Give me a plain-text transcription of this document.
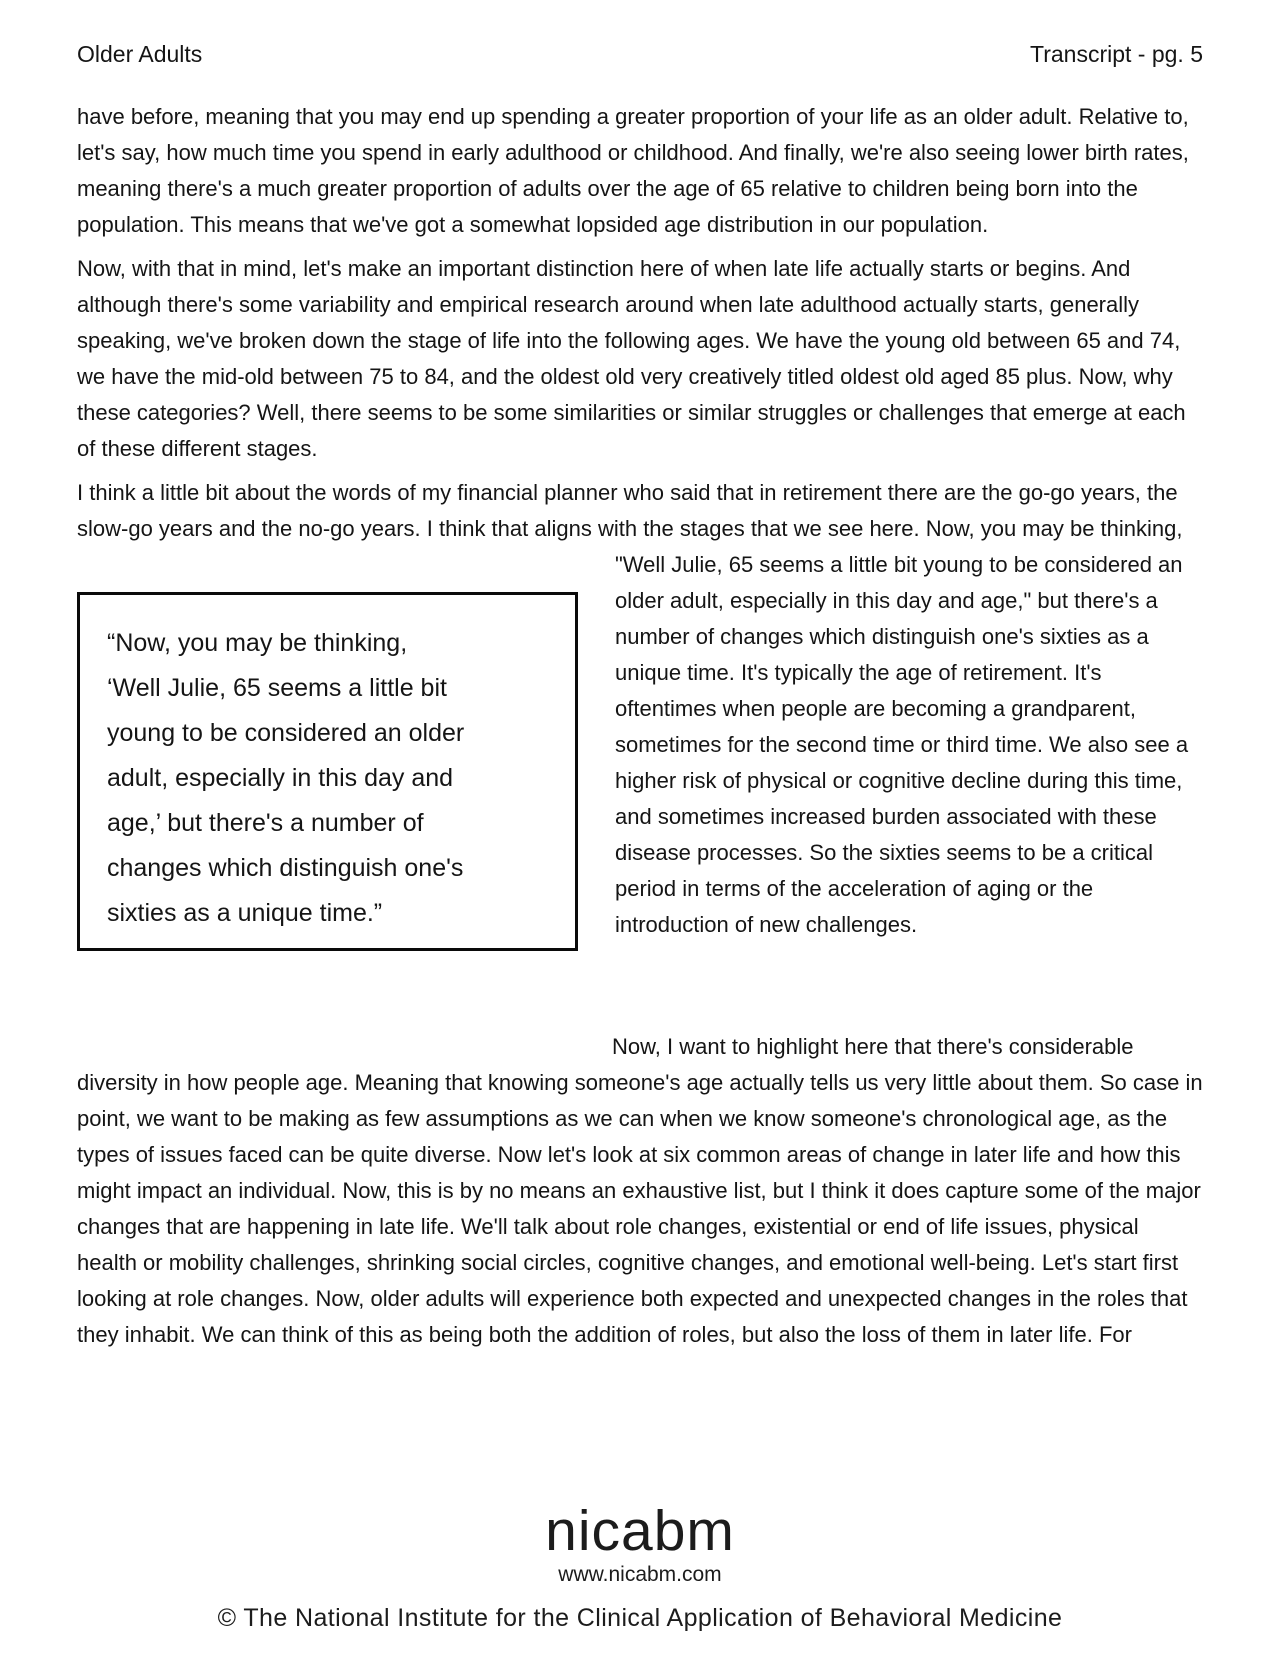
Older Adults	Transcript - pg. 5

have before, meaning that you may end up spending a greater proportion of your life as an older adult. Relative to, let's say, how much time you spend in early adulthood or childhood. And finally, we're also seeing lower birth rates, meaning there's a much greater proportion of adults over the age of 65 relative to children being born into the population. This means that we've got a somewhat lopsided age distribution in our population.

Now, with that in mind, let's make an important distinction here of when late life actually starts or begins. And although there's some variability and empirical research around when late adulthood actually starts, generally speaking, we've broken down the stage of life into the following ages. We have the young old between 65 and 74, we have the mid-old between 75 to 84, and the oldest old very creatively titled oldest old aged 85 plus. Now, why these categories? Well, there seems to be some similarities or similar struggles or challenges that emerge at each of these different stages.

I think a little bit about the words of my financial planner who said that in retirement there are the go-go years, the slow-go years and the no-go years. I think that aligns with the stages that we see here. Now, you may be thinking, "Well Julie, 65 seems a little bit young to be
“Now, you may be thinking,
‘Well Julie, 65 seems a little bit
young to be considered an older
adult, especially in this day and
age,’ but there's a number of
changes which distinguish one's
sixties as a unique time.”
considered an older adult, especially in this day and age," but there's a number of changes which distinguish one's sixties as a unique time. It's typically the age of retirement. It's oftentimes when people are becoming a grandparent, sometimes for the second time or third time. We also see a higher risk of physical or cognitive decline during this time, and sometimes increased burden associated with these disease processes. So the sixties seems to be a critical period in terms of the acceleration of aging or the introduction of new challenges.

Now, I want to highlight here that there's considerable diversity in how people age. Meaning that knowing someone's age actually tells us very little about them. So case in point, we want to be making as few assumptions as we can when we know someone's chronological age, as the types of issues faced can be quite diverse. Now let's look at six common areas of change in later life and how this might impact an individual. Now, this is by no means an exhaustive list, but I think it does capture some of the major changes that are happening in late life. We'll talk about role changes, existential or end of life issues, physical health or mobility challenges, shrinking social circles, cognitive changes, and emotional well-being. Let's start first looking at role changes. Now, older adults will experience both expected and unexpected changes in the roles that they inhabit. We can think of this as being both the addition of roles, but also the loss of them in later life. For

nicabm
www.nicabm.com
© The National Institute for the Clinical Application of Behavioral Medicine
